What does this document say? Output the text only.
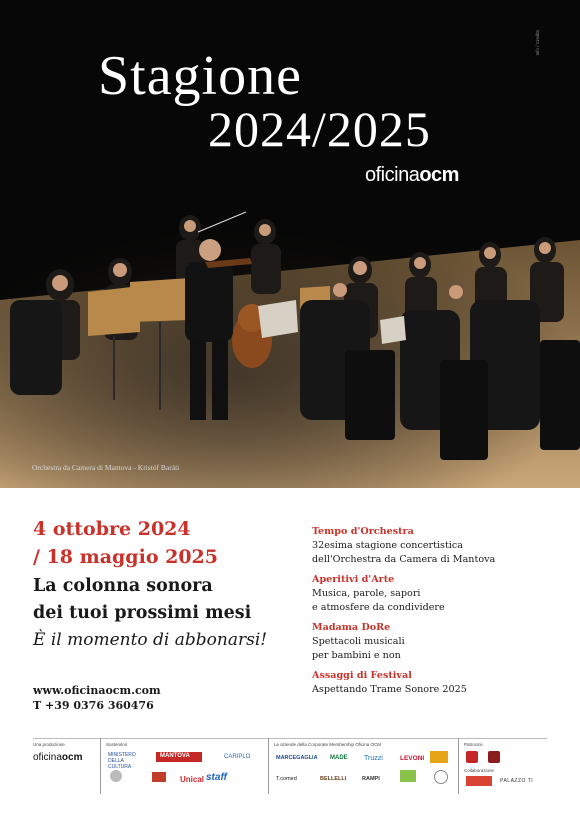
Stagione
2024/2025
oficinaocm
Orchestra da Camera di Mantova - Kristóf Baráti
Info / Credits
4 ottobre 2024
/ 18 maggio 2025
La colonna sonora
dei tuoi prossimi mesi
È il momento di abbonarsi!
www.oficinaocm.com
T +39 0376 360476
Tempo d'Orchestra
32esima stagione concertistica
dell'Orchestra da Camera di Mantova
Aperitivi d'Arte
Musica, parole, sapori
e atmosfere da condividere
Madama DoRe
Spettacoli musicali
per bambini e non
Assaggi di Festival
Aspettando Trame Sonore 2025
Una produzione
oficinaocm
Sostenitori
MINISTERO DELLA CULTURA
MANTOVA	CARIPLO
Unical staff
Le aziende della Corporate Membership Oficina OCM
MARCEGAGLIA MADE Truzzi	LEVONI
T.comed	BELLELLI	RAMPI
Patrocinii
Collaborazione
PALAZZO TI
